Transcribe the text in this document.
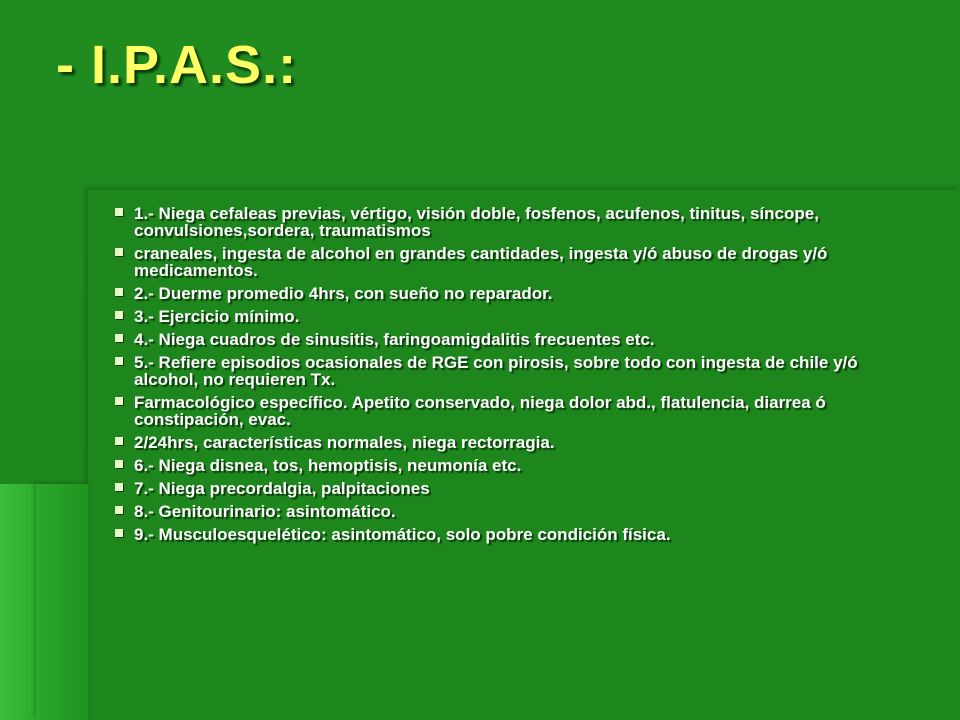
- I.P.A.S.:
1.- Niega cefaleas previas, vértigo, visión doble, fosfenos, acufenos, tinitus, síncope, convulsiones,sordera, traumatismos
craneales, ingesta de alcohol en grandes cantidades, ingesta y/ó abuso de drogas y/ó medicamentos.
2.- Duerme promedio 4hrs, con sueño no reparador.
3.- Ejercicio mínimo.
4.- Niega cuadros de sinusitis, faringoamigdalitis frecuentes etc.
5.- Refiere episodios ocasionales de RGE con pirosis, sobre todo con ingesta de chile y/ó alcohol, no requieren Tx.
Farmacológico específico. Apetito conservado, niega dolor abd., flatulencia, diarrea ó constipación, evac.
2/24hrs, características normales, niega rectorragia.
6.- Niega disnea, tos, hemoptisis, neumonía etc.
7.- Niega precordalgia, palpitaciones
8.- Genitourinario: asintomático.
9.- Musculoesquelético: asintomático, solo pobre condición física.
